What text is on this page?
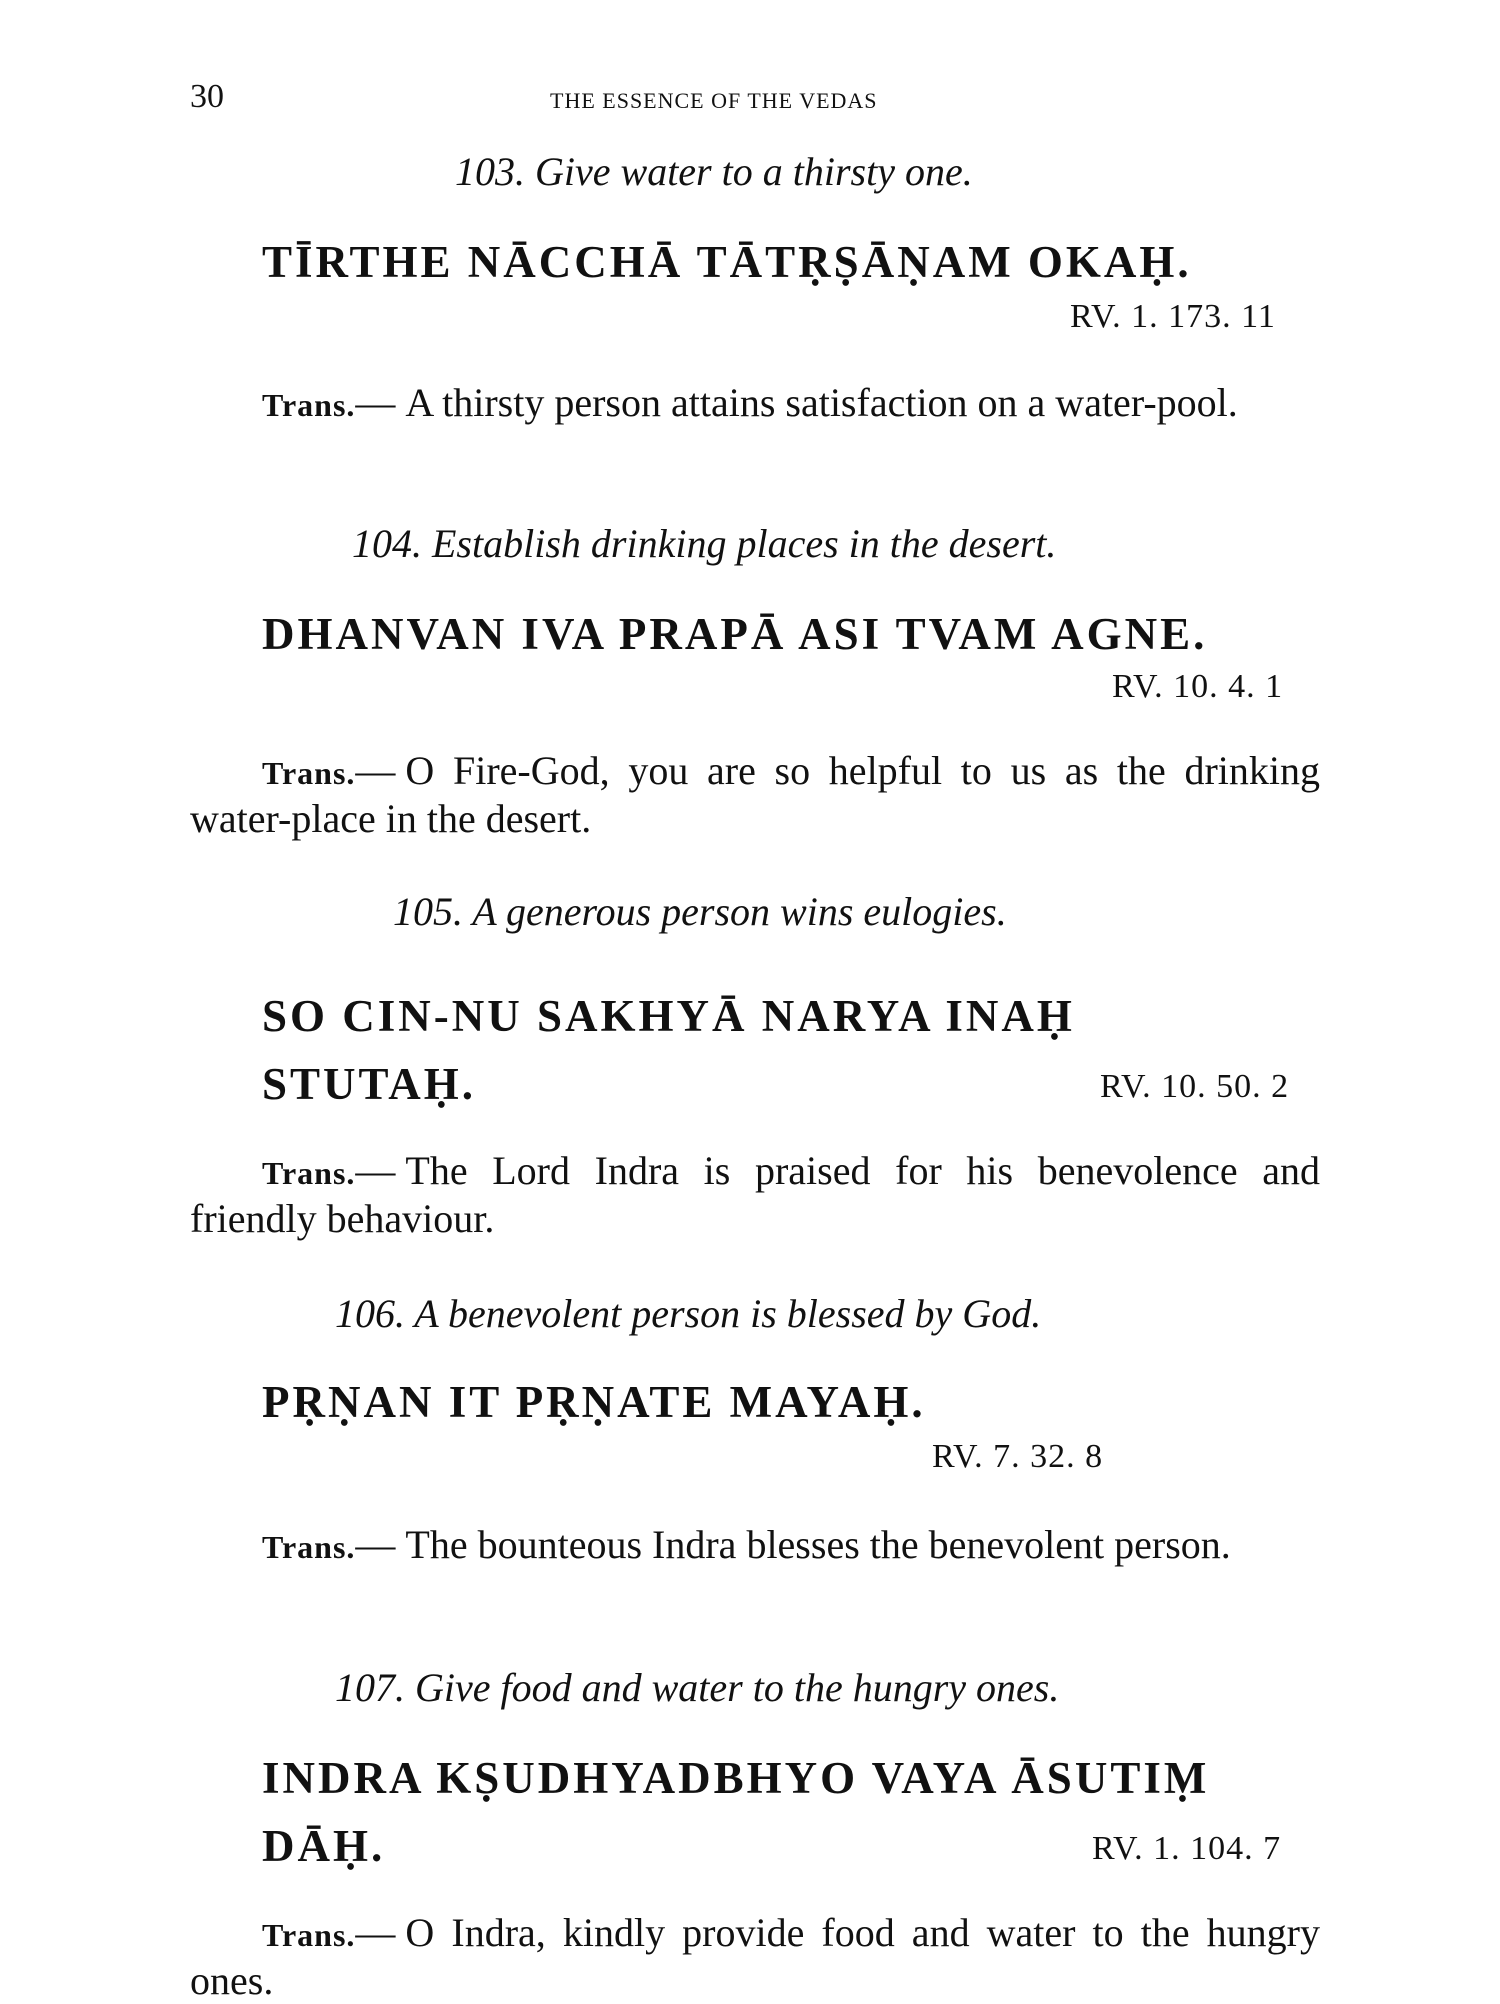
30	THE ESSENCE OF THE VEDAS
103. Give water to a thirsty one.
TĪRTHE NĀCCHĀ TĀTṚṢĀṆAM OKAḤ.
RV. 1. 173. 11
Trans.— A thirsty person attains satisfaction on a water-pool.
104. Establish drinking places in the desert.
DHANVAN IVA PRAPĀ ASI TVAM AGNE.
RV. 10. 4. 1
Trans.— O Fire-God, you are so helpful to us as the drinking water-place in the desert.
105. A generous person wins eulogies.
SO CIN-NU SAKHYĀ NARYA INAḤ
STUTAḤ.	RV. 10. 50. 2
Trans.— The Lord Indra is praised for his benevolence and friendly behaviour.
106. A benevolent person is blessed by God.
PṚṆAN IT PṚṆATE MAYAḤ.
RV. 7. 32. 8
Trans.— The bounteous Indra blesses the benevolent person.
107. Give food and water to the hungry ones.
INDRA KṢUDHYADBHYO VAYA ĀSUTIṂ
DĀḤ.	RV. 1. 104. 7
Trans.— O Indra, kindly provide food and water to the hungry ones.
